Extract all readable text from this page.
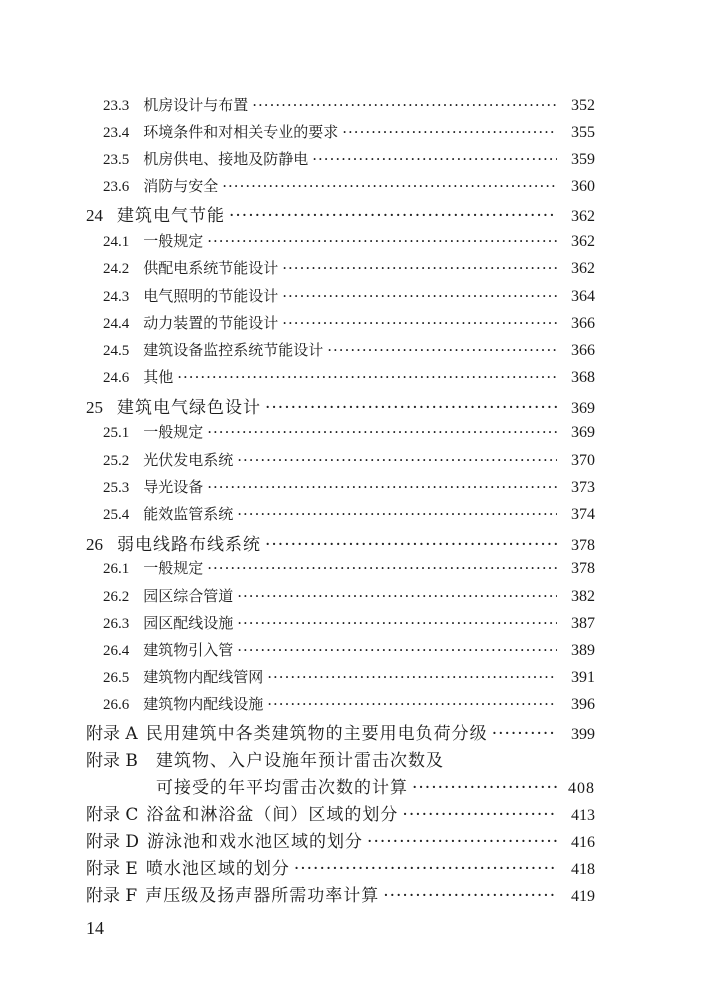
23.3 机房设计与布置 ·····	352
23.4 环境条件和对相关专业的要求 ·····	355
23.5 机房供电、接地及防静电 ·····	359
23.6 消防与安全 ·····	360
24 建筑电气节能 ·····	362
24.1 一般规定 ·····	362
24.2 供配电系统节能设计 ·····	362
24.3 电气照明的节能设计 ·····	364
24.4 动力装置的节能设计 ·····	366
24.5 建筑设备监控系统节能设计 ·····	366
24.6 其他 ·····	368
25 建筑电气绿色设计 ·····	369
25.1 一般规定 ·····	369
25.2 光伏发电系统 ·····	370
25.3 导光设备 ·····	373
25.4 能效监管系统 ·····	374
26 弱电线路布线系统 ·····	378
26.1 一般规定 ·····	378
26.2 园区综合管道 ·····	382
26.3 园区配线设施 ·····	387
26.4 建筑物引入管 ·····	389
26.5 建筑物内配线管网 ·····	391
26.6 建筑物内配线设施 ·····	396
附录 A 民用建筑中各类建筑物的主要用电负荷分级 ·····	399
附录 B	建筑物、入户设施年预计雷击次数及
可接受的年平均雷击次数的计算 ·····	408
附录 C 浴盆和淋浴盆（间）区域的划分 ·····	413
附录 D 游泳池和戏水池区域的划分 ·····	416
附录 E 喷水池区域的划分 ·····	418
附录 F 声压级及扬声器所需功率计算 ·····	419
14
